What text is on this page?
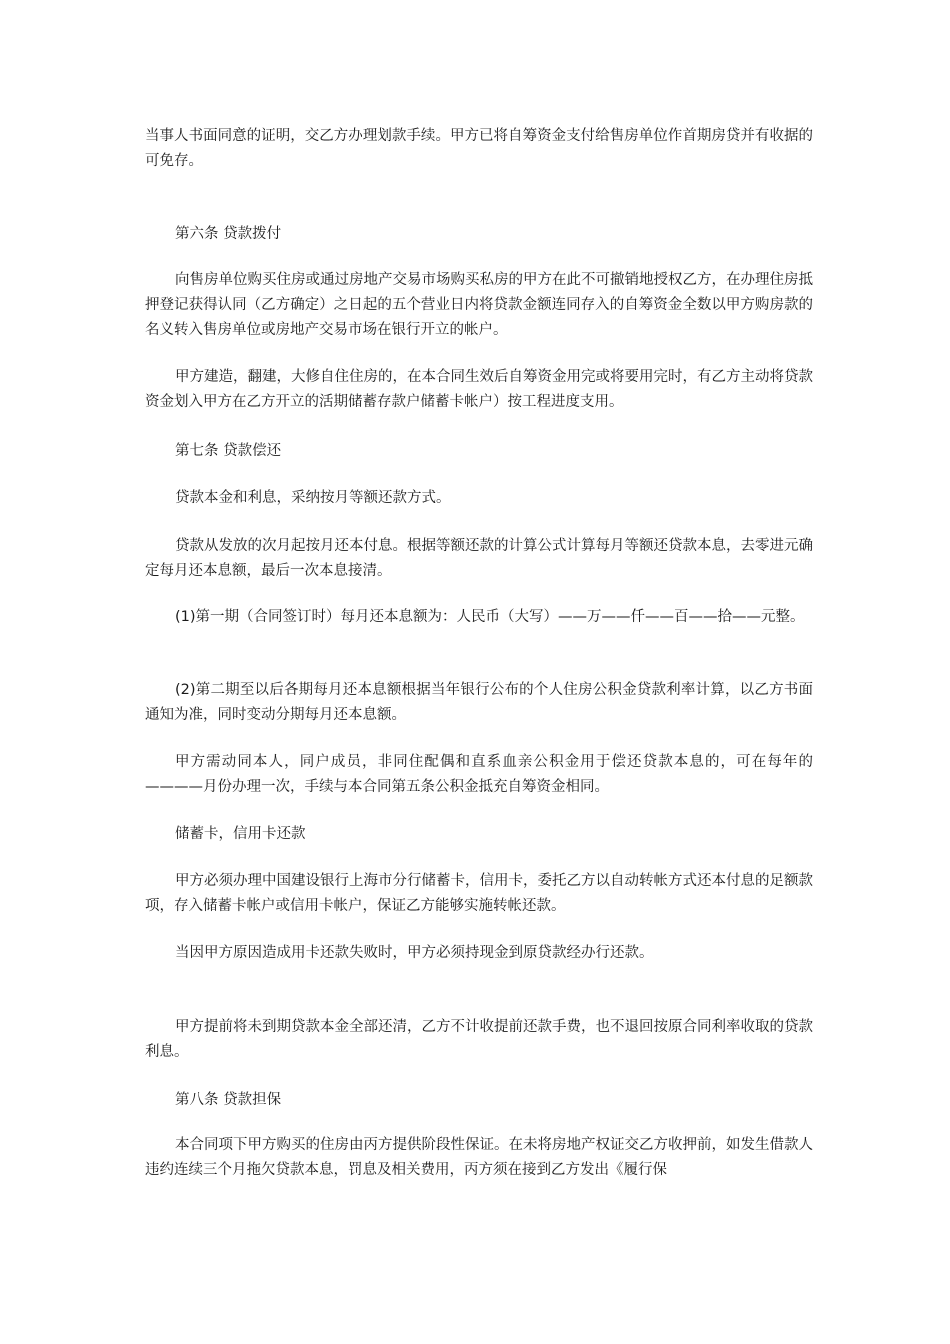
当事人书面同意的证明，交乙方办理划款手续。甲方已将自筹资金支付给售房单位作首期房贷并有收据的可免存。

第六条 贷款拨付

向售房单位购买住房或通过房地产交易市场购买私房的甲方在此不可撤销地授权乙方，在办理住房抵押登记获得认同（乙方确定）之日起的五个营业日内将贷款金额连同存入的自筹资金全数以甲方购房款的名义转入售房单位或房地产交易市场在银行开立的帐户。

甲方建造，翻建，大修自住住房的，在本合同生效后自筹资金用完或将要用完时，有乙方主动将贷款资金划入甲方在乙方开立的活期储蓄存款户储蓄卡帐户）按工程进度支用。

第七条 贷款偿还

贷款本金和利息，采纳按月等额还款方式。

贷款从发放的次月起按月还本付息。根据等额还款的计算公式计算每月等额还贷款本息，去零进元确定每月还本息额，最后一次本息接清。

(1)第一期（合同签订时）每月还本息额为：人民币（大写）——万——仟——百——拾——元整。

(2)第二期至以后各期每月还本息额根据当年银行公布的个人住房公积金贷款利率计算，以乙方书面通知为准，同时变动分期每月还本息额。

甲方需动同本人，同户成员，非同住配偶和直系血亲公积金用于偿还贷款本息的，可在每年的————月份办理一次，手续与本合同第五条公积金抵充自筹资金相同。

储蓄卡，信用卡还款

甲方必须办理中国建设银行上海市分行储蓄卡，信用卡，委托乙方以自动转帐方式还本付息的足额款项，存入储蓄卡帐户或信用卡帐户，保证乙方能够实施转帐还款。

当因甲方原因造成用卡还款失败时，甲方必须持现金到原贷款经办行还款。

甲方提前将未到期贷款本金全部还清，乙方不计收提前还款手费，也不退回按原合同利率收取的贷款利息。

第八条 贷款担保

本合同项下甲方购买的住房由丙方提供阶段性保证。在未将房地产权证交乙方收押前，如发生借款人违约连续三个月拖欠贷款本息，罚息及相关费用，丙方须在接到乙方发出《履行保
